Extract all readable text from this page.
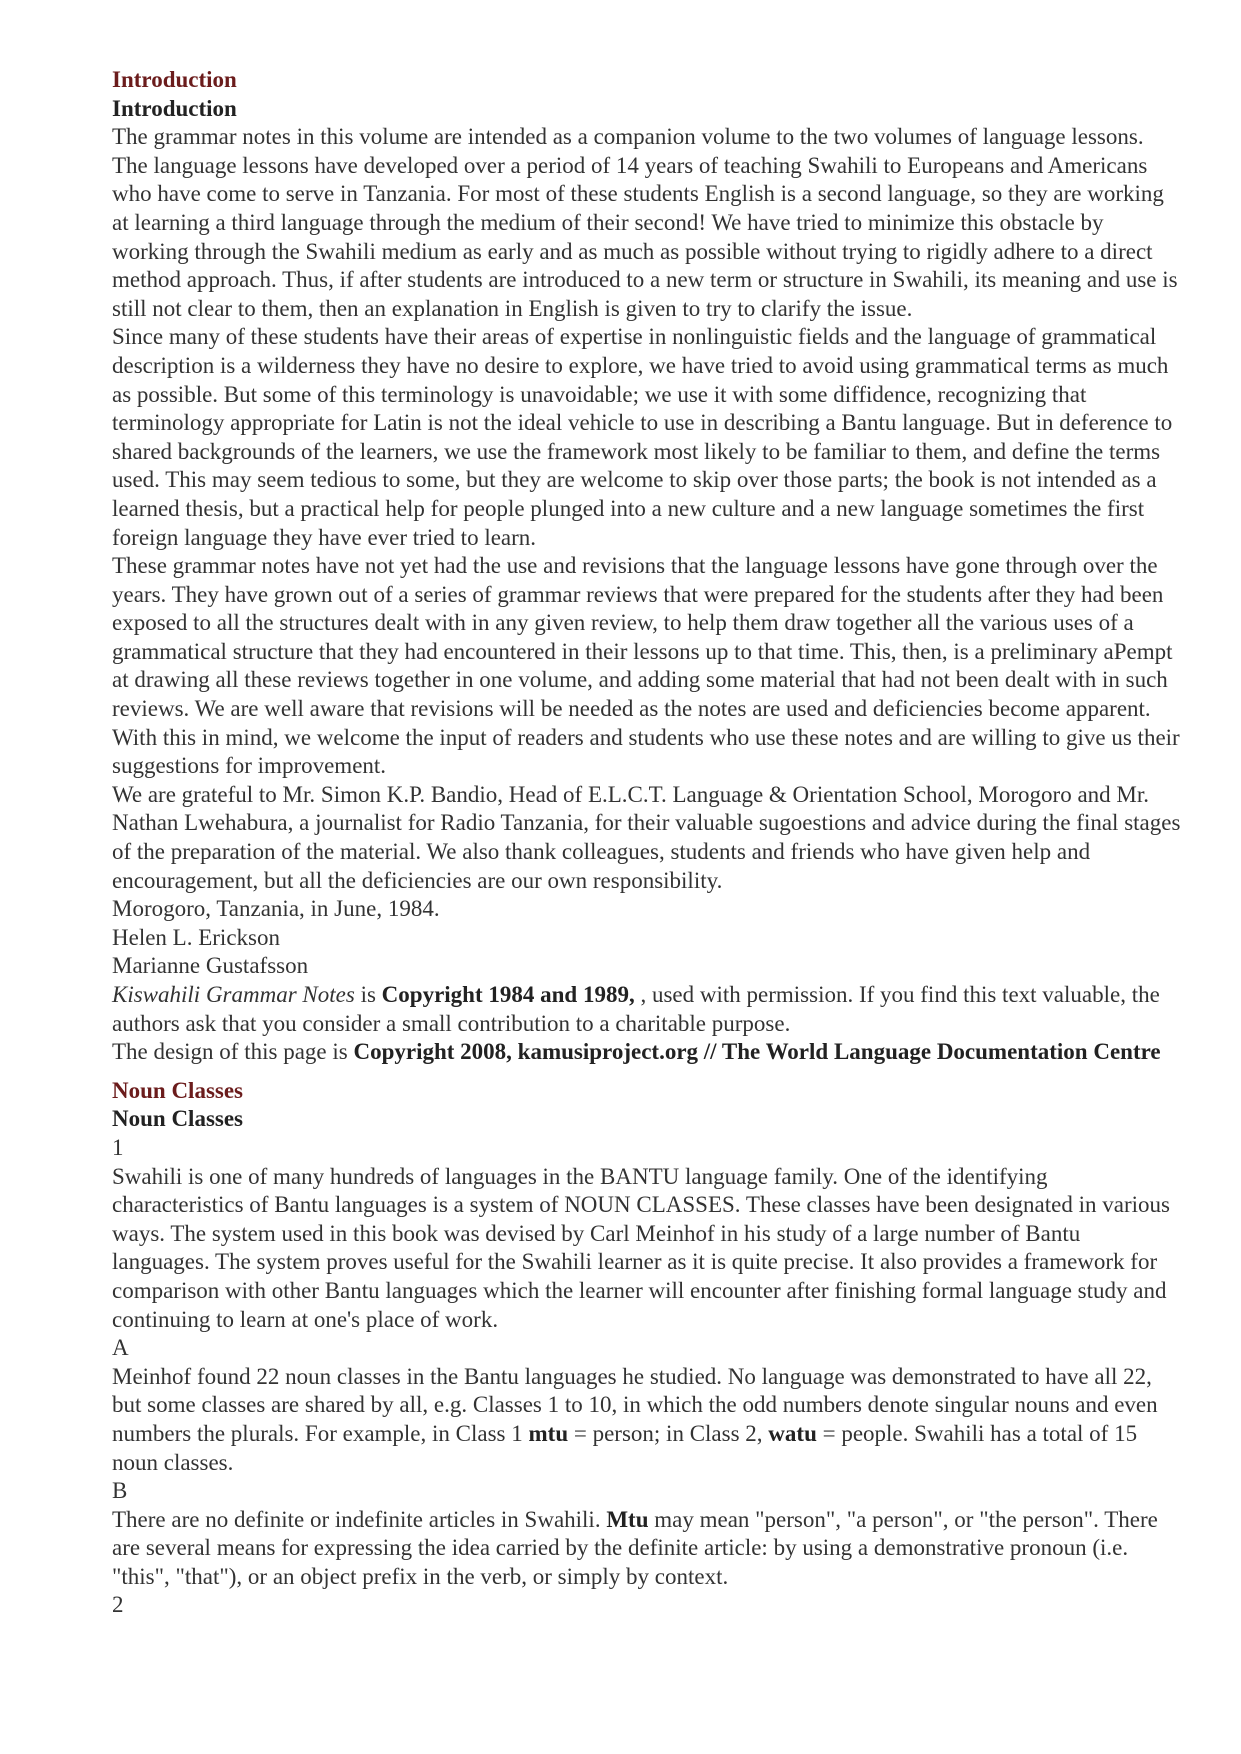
Introduction
Introduction

The grammar notes in this volume are intended as a companion volume to the two volumes of language lessons. The language lessons have developed over a period of 14 years of teaching Swahili to Europeans and Americans who have come to serve in Tanzania. For most of these students English is a second language, so they are working at learning a third language through the medium of their second! We have tried to minimize this obstacle by working through the Swahili medium as early and as much as possible without trying to rigidly adhere to a direct method approach. Thus, if after students are introduced to a new term or structure in Swahili, its meaning and use is still not clear to them, then an explanation in English is given to try to clarify the issue.

Since many of these students have their areas of expertise in nonlinguistic fields and the language of grammatical description is a wilderness they have no desire to explore, we have tried to avoid using grammatical terms as much as possible. But some of this terminology is unavoidable; we use it with some diffidence, recognizing that terminology appropriate for Latin is not the ideal vehicle to use in describing a Bantu language. But in deference to shared backgrounds of the learners, we use the framework most likely to be familiar to them, and define the terms used. This may seem tedious to some, but they are welcome to skip over those parts; the book is not intended as a learned thesis, but a practical help for people plunged into a new culture and a new language sometimes the first foreign language they have ever tried to learn.

These grammar notes have not yet had the use and revisions that the language lessons have gone through over the years. They have grown out of a series of grammar reviews that were prepared for the students after they had been exposed to all the structures dealt with in any given review, to help them draw together all the various uses of a grammatical structure that they had encountered in their lessons up to that time. This, then, is a preliminary aPempt at drawing all these reviews together in one volume, and adding some material that had not been dealt with in such reviews. We are well aware that revisions will be needed as the notes are used and deficiencies become apparent. With this in mind, we welcome the input of readers and students who use these notes and are willing to give us their suggestions for improvement.

We are grateful to Mr. Simon K.P. Bandio, Head of E.L.C.T. Language & Orientation School, Morogoro and Mr. Nathan Lwehabura, a journalist for Radio Tanzania, for their valuable sugoestions and advice during the final stages of the preparation of the material. We also thank colleagues, students and friends who have given help and encouragement, but all the deficiencies are our own responsibility.

Morogoro, Tanzania, in June, 1984.

Helen L. Erickson

Marianne Gustafsson

Kiswahili Grammar Notes is Copyright 1984 and 1989, , used with permission. If you find this text valuable, the authors ask that you consider a small contribution to a charitable purpose.

The design of this page is Copyright 2008, kamusiproject.org // The World Language Documentation Centre

Noun Classes
Noun Classes

1

Swahili is one of many hundreds of languages in the BANTU language family. One of the identifying characteristics of Bantu languages is a system of NOUN CLASSES. These classes have been designated in various ways. The system used in this book was devised by Carl Meinhof in his study of a large number of Bantu languages. The system proves useful for the Swahili learner as it is quite precise. It also provides a framework for comparison with other Bantu languages which the learner will encounter after finishing formal language study and continuing to learn at one's place of work.

A

Meinhof found 22 noun classes in the Bantu languages he studied. No language was demonstrated to have all 22, but some classes are shared by all, e.g. Classes 1 to 10, in which the odd numbers denote singular nouns and even numbers the plurals. For example, in Class 1 mtu = person; in Class 2, watu = people. Swahili has a total of 15 noun classes.

B

There are no definite or indefinite articles in Swahili. Mtu may mean "person", "a person", or "the person". There are several means for expressing the idea carried by the definite article: by using a demonstrative pronoun (i.e. "this", "that"), or an object prefix in the verb, or simply by context.

2
